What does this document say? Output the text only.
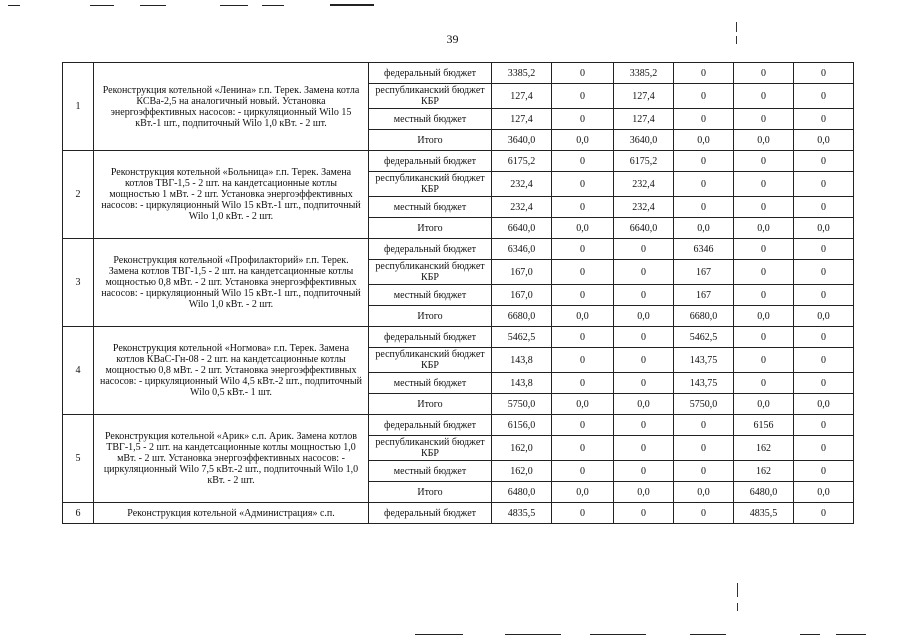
39
1	Реконструкция котельной «Ленина» г.п. Терек. Замена котла КСВа-2,5 на аналогичный новый. Установка энергоэффективных насосов: - циркуляционный Wilo 15 кВт.-1 шт., подпиточный Wilo 1,0 кВт. - 2 шт.	федеральный бюджет	3385,2	0	3385,2	0	0	0
		республиканский бюджет КБР	127,4	0	127,4	0	0	0
		местный бюджет	127,4	0	127,4	0	0	0
		Итого	3640,0	0,0	3640,0	0,0	0,0	0,0
2	Реконструкция котельной «Больница» г.п. Терек. Замена котлов ТВГ-1,5 - 2 шт. на кандетсационные котлы мощностью 1 мВт. - 2 шт. Установка энергоэффективных насосов: - циркуляционный Wilo 15 кВт.-1 шт., подпиточный Wilo 1,0 кВт. - 2 шт.	федеральный бюджет	6175,2	0	6175,2	0	0	0
		республиканский бюджет КБР	232,4	0	232,4	0	0	0
		местный бюджет	232,4	0	232,4	0	0	0
		Итого	6640,0	0,0	6640,0	0,0	0,0	0,0
3	Реконструкция котельной «Профилакторий» г.п. Терек. Замена котлов ТВГ-1,5 - 2 шт. на кандетсационные котлы мощностью 0,8 мВт. - 2 шт. Установка энергоэффективных насосов: - циркуляционный Wilo 15 кВт.-1 шт., подпиточный Wilo 1,0 кВт. - 2 шт.	федеральный бюджет	6346,0	0	0	6346	0	0
		республиканский бюджет КБР	167,0	0	0	167	0	0
		местный бюджет	167,0	0	0	167	0	0
		Итого	6680,0	0,0	0,0	6680,0	0,0	0,0
4	Реконструкция котельной «Ногмова» г.п. Терек. Замена котлов КВаС-Гн-08 - 2 шт. на кандетсационные котлы мощностью 0,8 мВт. - 2 шт. Установка энергоэффективных насосов: - циркуляционный Wilo 4,5 кВт.-2 шт., подпиточный Wilo 0,5 кВт.- 1 шт.	федеральный бюджет	5462,5	0	0	5462,5	0	0
		республиканский бюджет КБР	143,8	0	0	143,75	0	0
		местный бюджет	143,8	0	0	143,75	0	0
		Итого	5750,0	0,0	0,0	5750,0	0,0	0,0
5	Реконструкция котельной «Арик» с.п. Арик. Замена котлов ТВГ-1,5 - 2 шт. на кандетсационные котлы мощностью 1,0 мВт. - 2 шт. Установка энергоэффективных насосов: - циркуляционный Wilo 7,5 кВт.-2 шт., подпиточный Wilo 1,0 кВт. - 2 шт.	федеральный бюджет	6156,0	0	0	0	6156	0
		республиканский бюджет КБР	162,0	0	0	0	162	0
		местный бюджет	162,0	0	0	0	162	0
		Итого	6480,0	0,0	0,0	0,0	6480,0	0,0
6	Реконструкция котельной «Администрация» с.п.	федеральный бюджет	4835,5	0	0	0	4835,5	0
